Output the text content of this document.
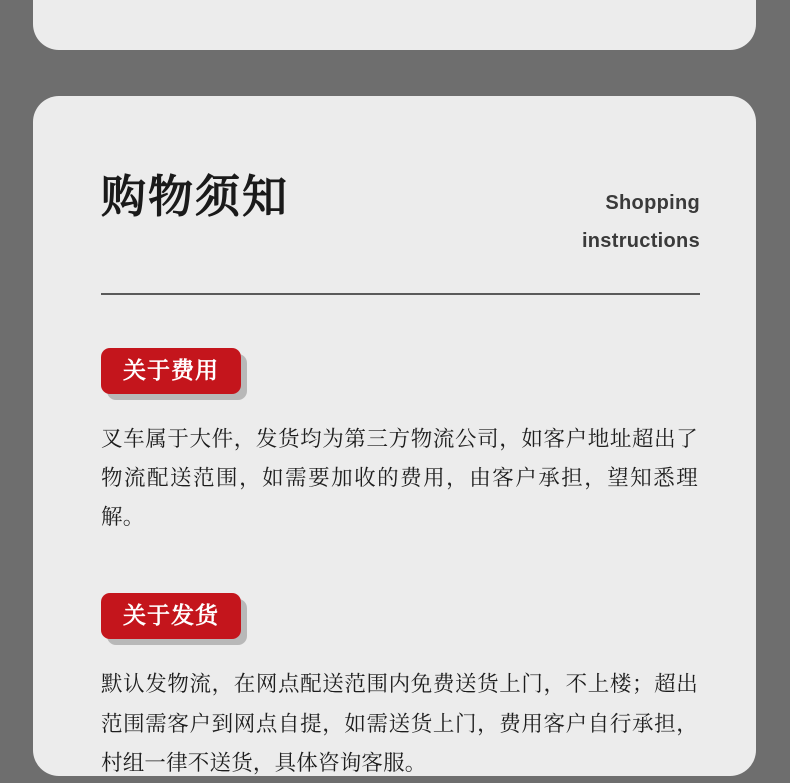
购物须知	Shopping
instructions
关于费用
叉车属于大件，发货均为第三方物流公司，如客户地址超出了物流配送范围，如需要加收的费用，由客户承担，望知悉理解。
关于发货
默认发物流，在网点配送范围内免费送货上门，不上楼；超出范围需客户到网点自提，如需送货上门，费用客户自行承担，村组一律不送货，具体咨询客服。
